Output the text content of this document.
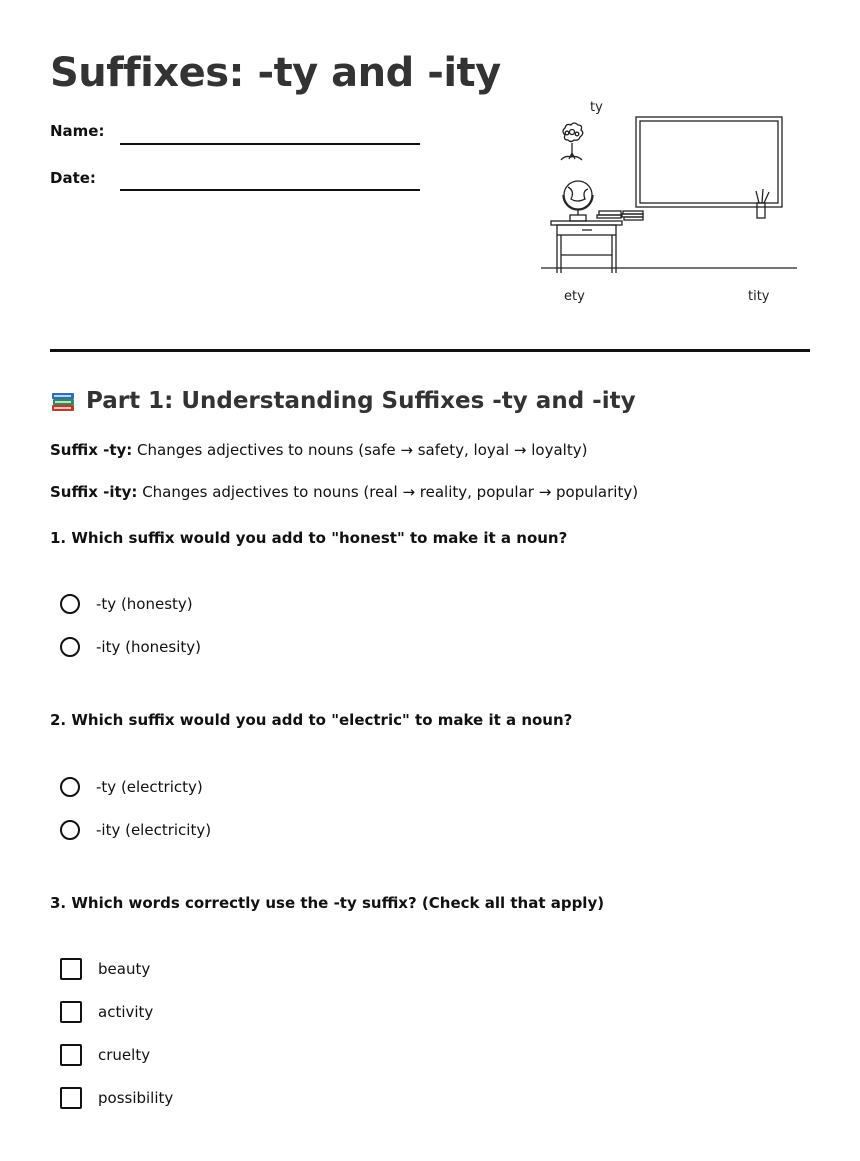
Suffixes: -ty and -ity
Name:
Date:
ty
ety	tity
Part 1: Understanding Suffixes -ty and -ity
Suffix -ty: Changes adjectives to nouns (safe → safety, loyal → loyalty)
Suffix -ity: Changes adjectives to nouns (real → reality, popular → popularity)
1. Which suffix would you add to "honest" to make it a noun?
-ty (honesty)
-ity (honesity)
2. Which suffix would you add to "electric" to make it a noun?
-ty (electricty)
-ity (electricity)
3. Which words correctly use the -ty suffix? (Check all that apply)
beauty
activity
cruelty
possibility
